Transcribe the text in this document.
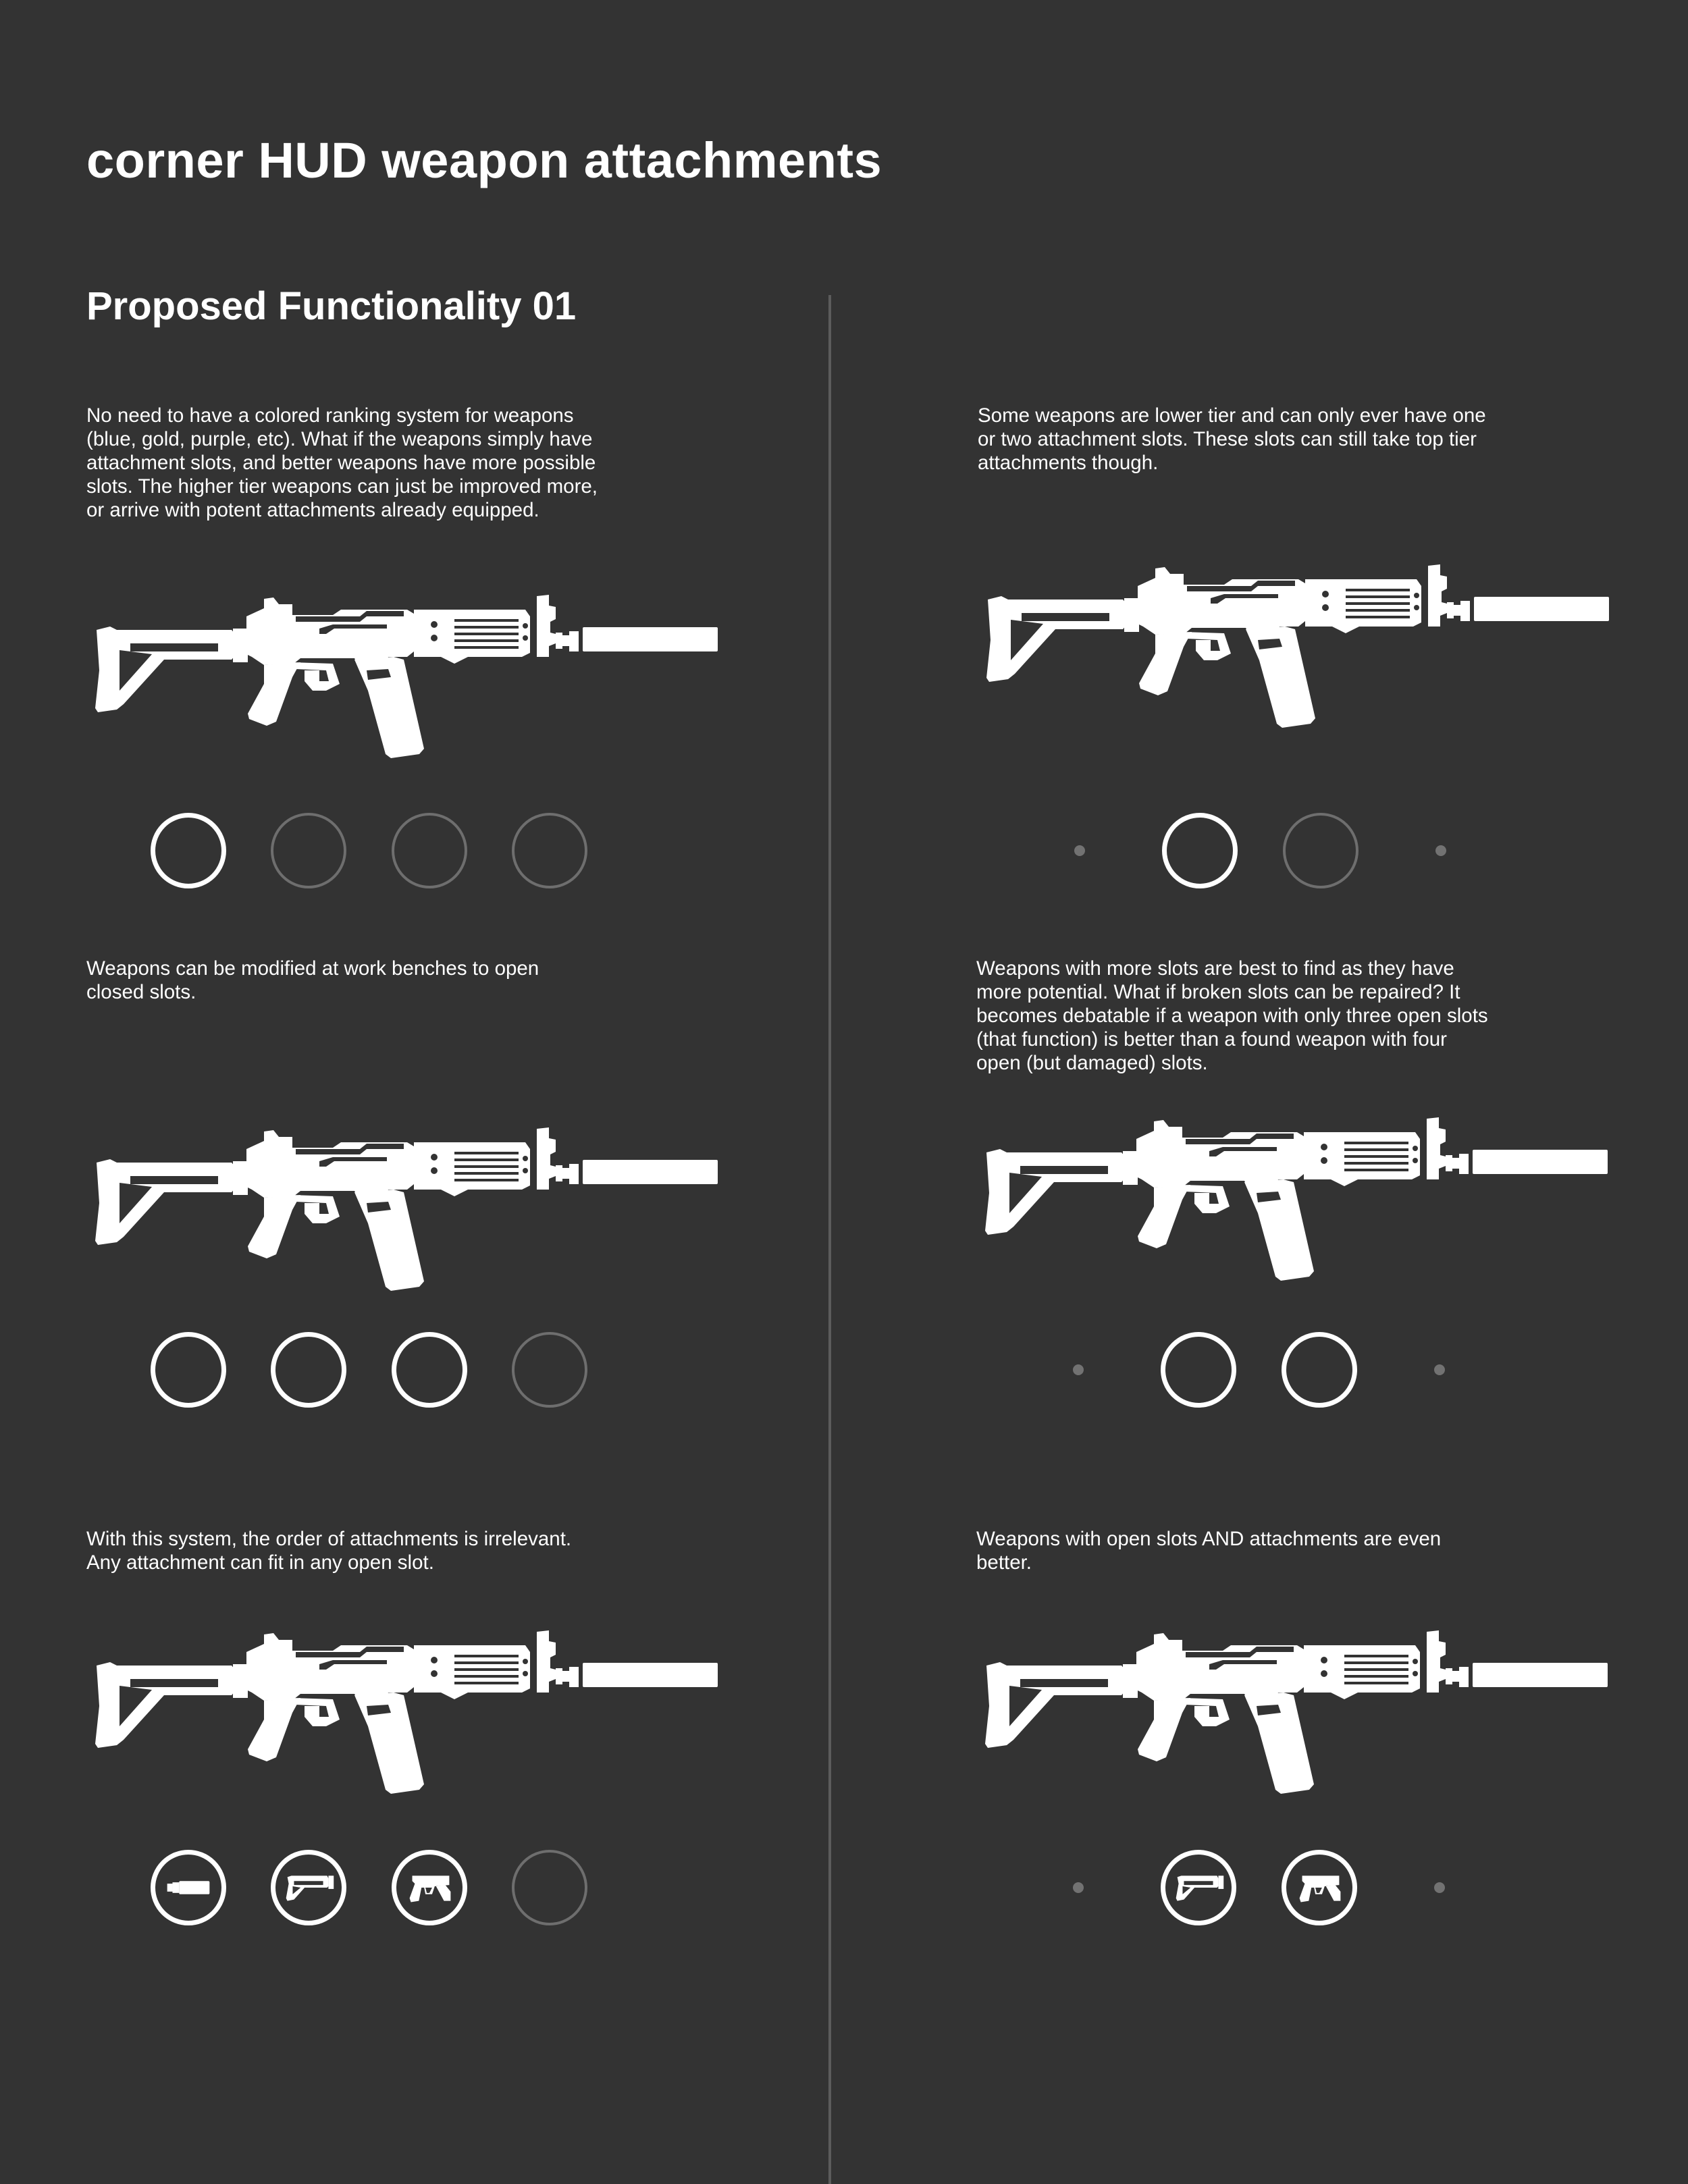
corner HUD weapon attachments
Proposed Functionality 01

No need to have a colored ranking system for weapons (blue, gold, purple, etc). What if the weapons simply have attachment slots, and better weapons have more possible slots. The higher tier weapons can just be improved more, or arrive with potent attachments already equipped.

Some weapons are lower tier and can only ever have one or two attachment slots. These slots can still take top tier attachments though.

Weapons can be modified at work benches to open closed slots.

Weapons with more slots are best to find as they have more potential. What if broken slots can be repaired? It becomes debatable if a weapon with only three open slots (that function) is better than a found weapon with four open (but damaged) slots.

With this system, the order of attachments is irrelevant. Any attachment can fit in any open slot.

Weapons with open slots AND attachments are even better.
